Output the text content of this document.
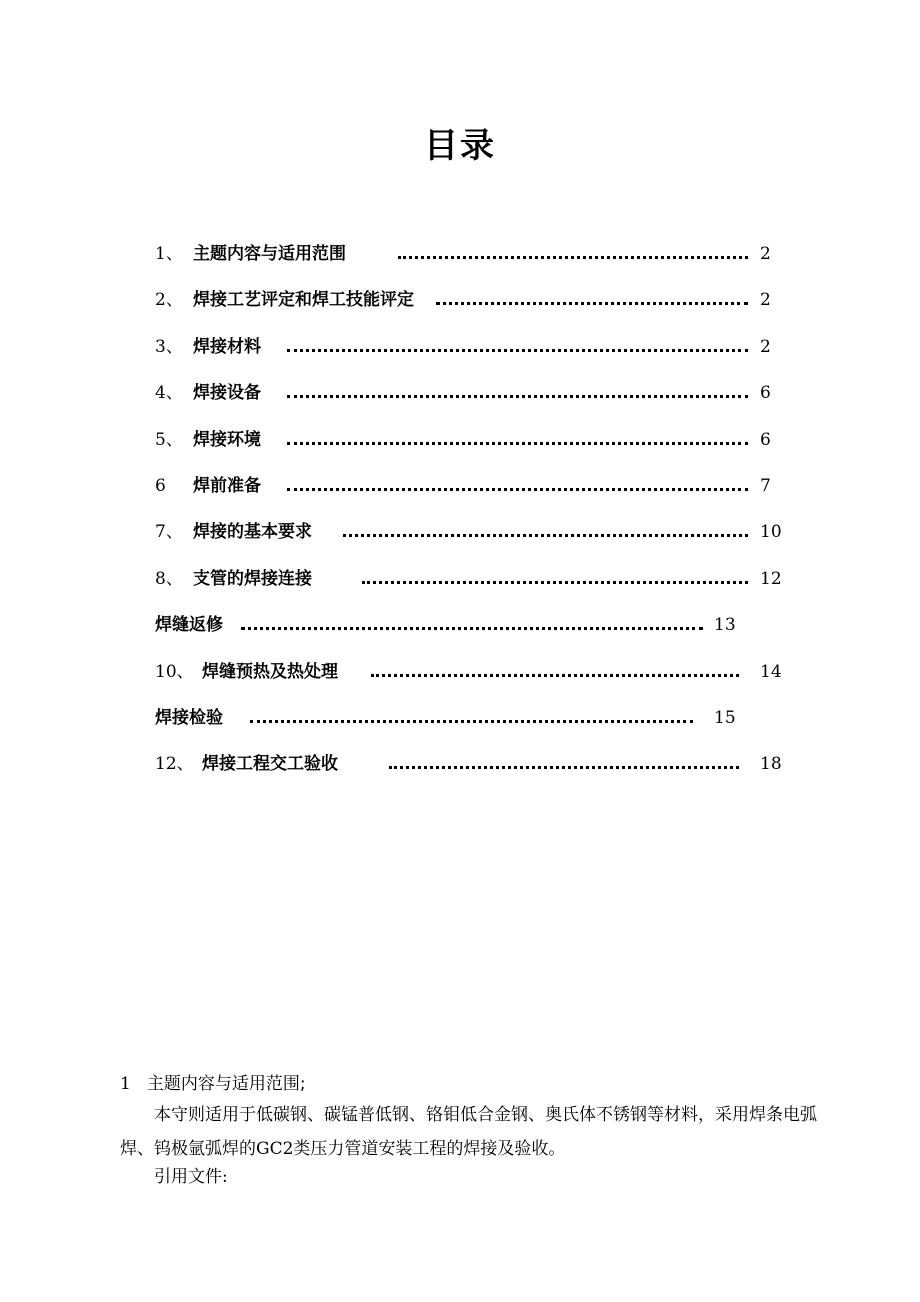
目录
1、 主题内容与适用范围	2
2、 焊接工艺评定和焊工技能评定	2
3、 焊接材料	2
4、 焊接设备	6
5、 焊接环境	6
6 焊前准备	7
7、 焊接的基本要求	10
8、 支管的焊接连接	12
焊缝返修	13
10、 焊缝预热及热处理	14
焊接检验	15
12、 焊接工程交工验收	18
1 主题内容与适用范围;
本守则适用于低碳钢、碳锰普低钢、铬钼低合金钢、奥氏体不锈钢等材料，采用焊条电弧焊、钨极氩弧焊的GC2类压力管道安装工程的焊接及验收。
引用文件:
